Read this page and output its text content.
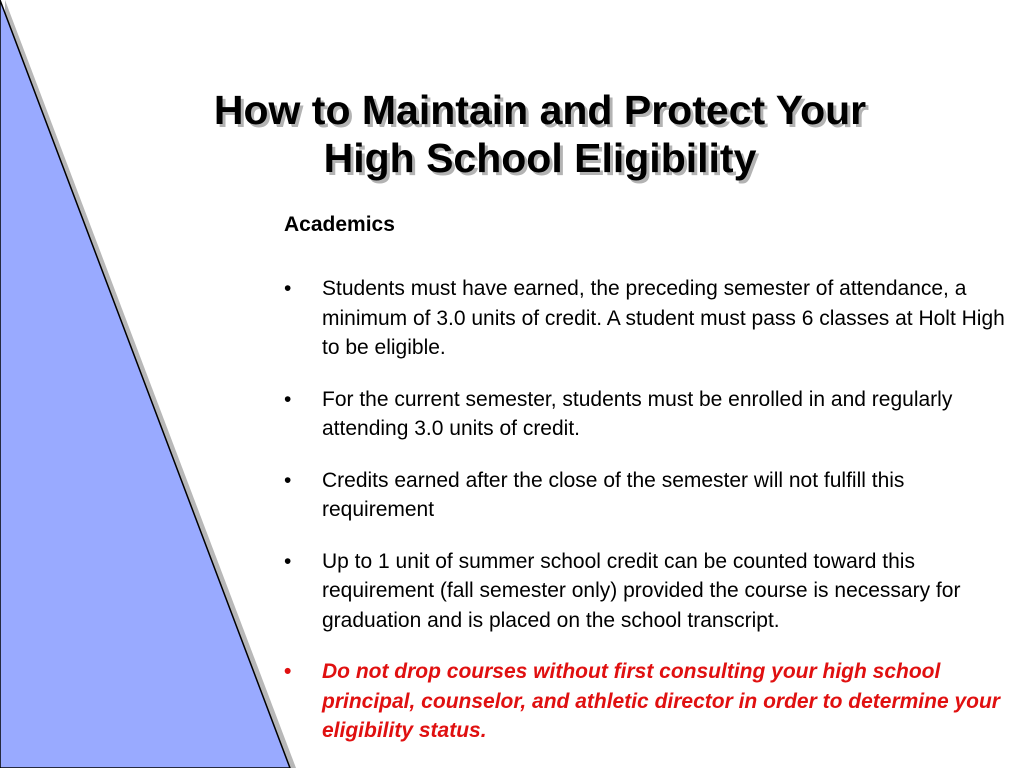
How to Maintain and Protect Your
High School Eligibility
Academics
• Students must have earned, the preceding semester of attendance, a minimum of 3.0 units of credit. A student must pass 6 classes at Holt High to be eligible.
• For the current semester, students must be enrolled in and regularly attending 3.0 units of credit.
• Credits earned after the close of the semester will not fulfill this requirement
• Up to 1 unit of summer school credit can be counted toward this requirement (fall semester only) provided the course is necessary for graduation and is placed on the school transcript.
• Do not drop courses without first consulting your high school principal, counselor, and athletic director in order to determine your eligibility status.
